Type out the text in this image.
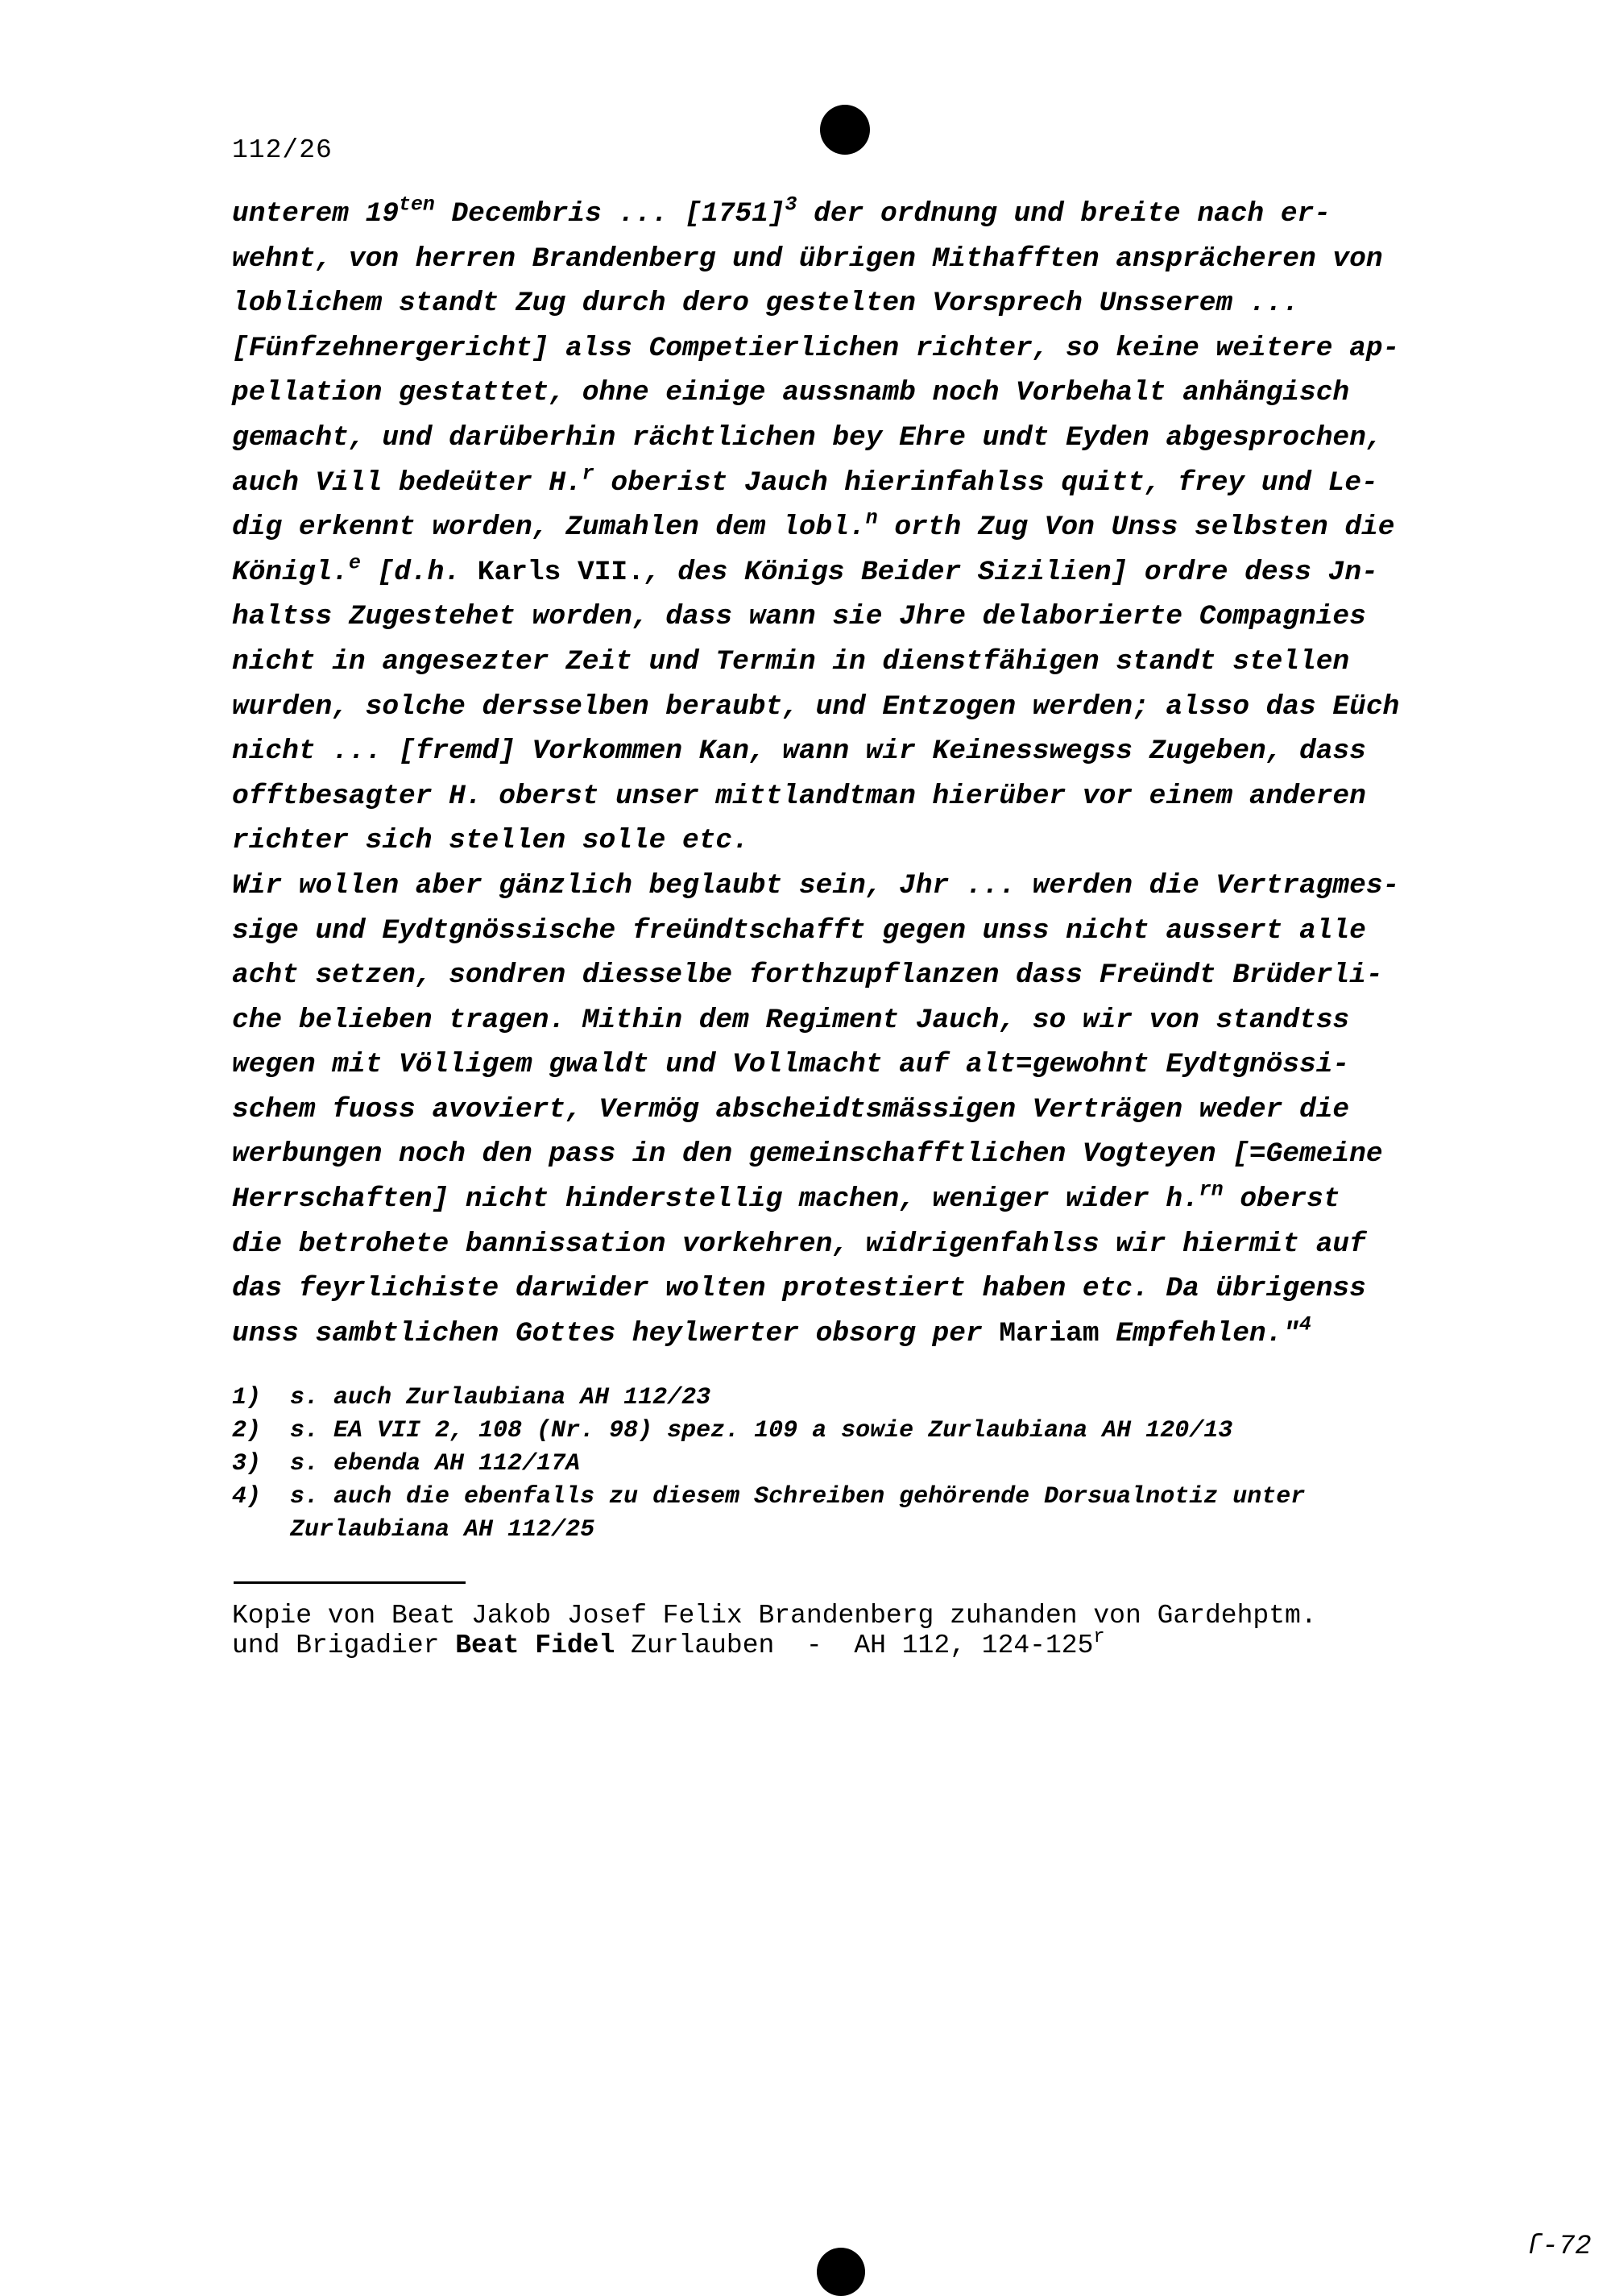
112/26
unterem $19^{ten}$ Decembris ... $[1751]^3$ der ordnung und breite nach er-
wehnt, von herren Brandenberg und übrigen Mithafften ansprächeren von
loblichem standt Zug durch dero gestelten Vorsprech Unsserem ...
[Fünfzehnergericht] alss Competierlichen richter, so keine weitere ap-
pellation gestattet, ohne einige aussnamb noch Vorbehalt anhängisch
gemacht, und darüberhin rächtlichen bey Ehre undt Eyden abgesprochen,
auch Vill bedeüter H.$^r$ oberist Jauch hierinfahlss quitt, frey und Le-
dig erkennt worden, Zumahlen dem lobl.$^n$ orth Zug Von Unss selbsten die
Königl.$^e$ [d.h. Karls VII., des Königs Beider Sizilien] ordre dess Jn-
haltss Zugestehet worden, dass wann sie Jhre delaborierte Compagnies
nicht in angesezter Zeit und Termin in dienstfähigen standt stellen
wurden, solche dersselben beraubt, und Entzogen werden; alsso das Eüch
nicht ... [fremd] Vorkommen Kan, wann wir Keinesswegss Zugeben, dass
offtbesagter H. oberst unser mittlandtman hierüber vor einem anderen
richter sich stellen solle etc.
Wir wollen aber gänzlich beglaubt sein, Jhr ... werden die Vertragmes-
sige und Eydtgnössische freündtschafft gegen unss nicht aussert alle
acht setzen, sondren diesselbe forthzupflanzen dass Freündt Brüderli-
che belieben tragen. Mithin dem Regiment Jauch, so wir von standtss
wegen mit Völligem gwaldt und Vollmacht auf alt=gewohnt Eydtgnössi-
schem fuoss avoviert, Vermög abscheidtsmässigen Verträgen weder die
werbungen noch den pass in den gemeinschafftlichen Vogteyen [=Gemeine
Herrschaften] nicht hinderstellig machen, weniger wider h.$^{rn}$ oberst
die betrohete bannissation vorkehren, widrigenfahlss wir hiermit auf
das feyrlichiste darwider wolten protestiert haben etc. Da übrigenss
unss sambtlichen Gottes heylwerter obsorg per Mariam Empfehlen."$^4$
1)  s. auch Zurlaubiana AH 112/23
2)  s. EA VII 2, 108 (Nr. 98) spez. 109 a sowie Zurlaubiana AH 120/13
3)  s. ebenda AH 112/17A
4)  s. auch die ebenfalls zu diesem Schreiben gehörende Dorsualnotiz unter
Zurlaubiana AH 112/25
Kopie von Beat Jakob Josef Felix Brandenberg zuhanden von Gardehptm.
und Brigadier Beat Fidel Zurlauben  -  AH 112, 124-125$^r$
ſ-72
